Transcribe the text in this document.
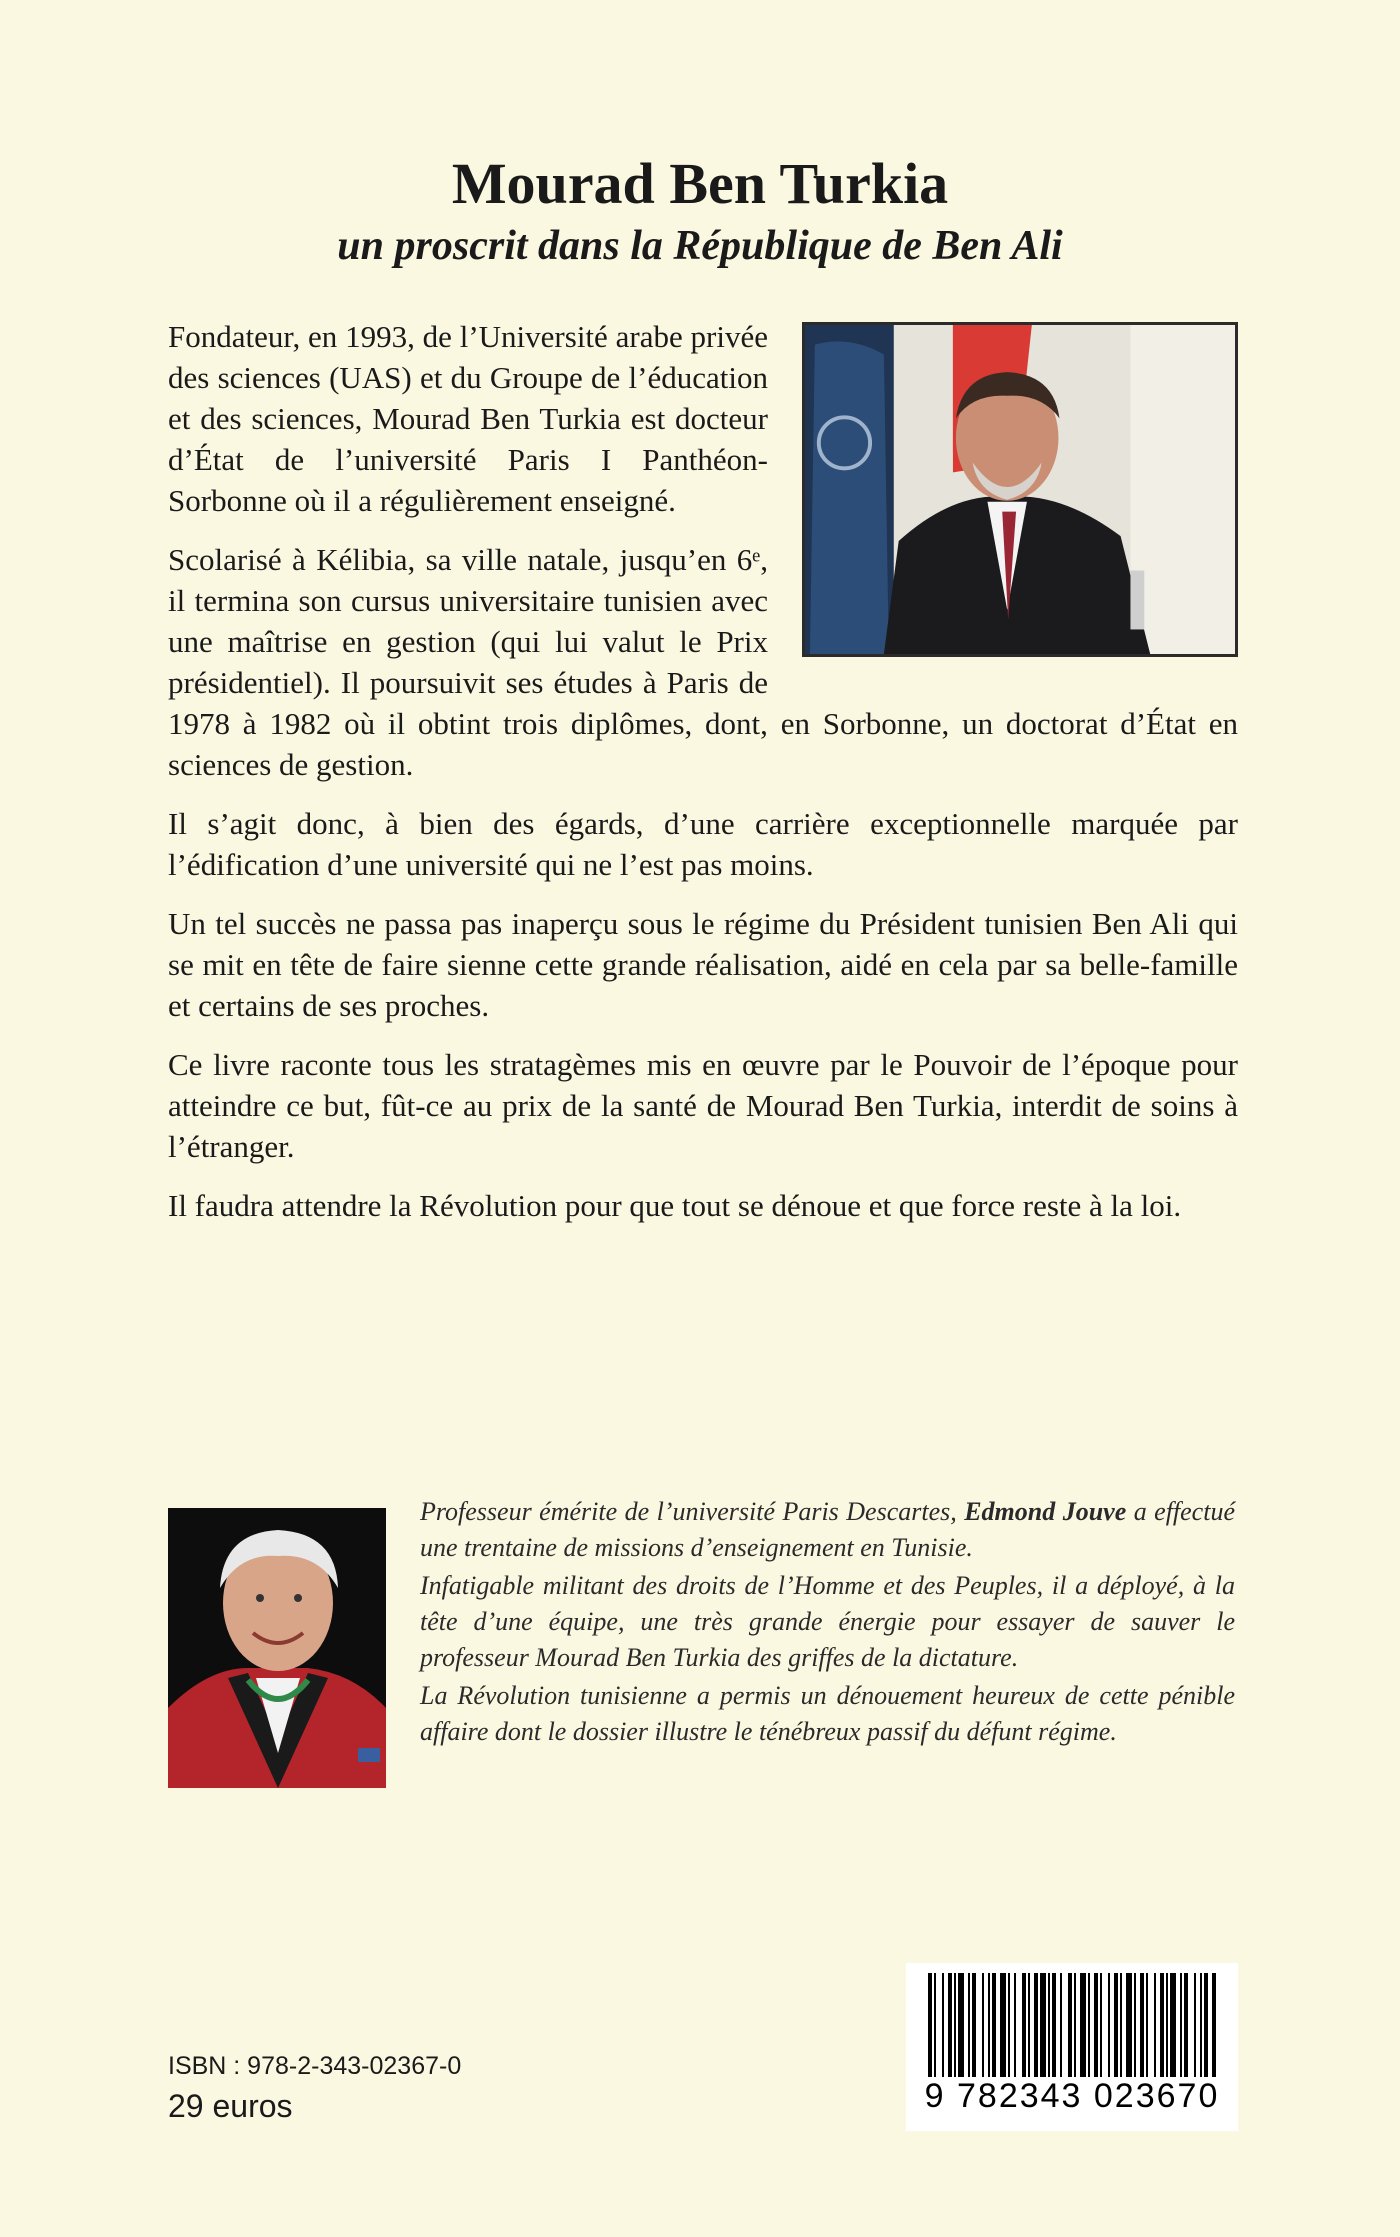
Mourad Ben Turkia
un proscrit dans la République de Ben Ali

Fondateur, en 1993, de l’Université arabe privée des sciences (UAS) et du Groupe de l’éducation et des sciences, Mourad Ben Turkia est docteur d’État de l’université Paris I Panthéon-Sorbonne où il a régulièrement enseigné.

Scolarisé à Kélibia, sa ville natale, jusqu’en 6ᵉ, il termina son cursus universitaire tunisien avec une maîtrise en gestion (qui lui valut le Prix présidentiel). Il poursuivit ses études à Paris de 1978 à 1982 où il obtint trois diplômes, dont, en Sorbonne, un doctorat d’État en sciences de gestion.

Il s’agit donc, à bien des égards, d’une carrière exceptionnelle marquée par l’édification d’une université qui ne l’est pas moins.

Un tel succès ne passa pas inaperçu sous le régime du Président tunisien Ben Ali qui se mit en tête de faire sienne cette grande réalisation, aidé en cela par sa belle-famille et certains de ses proches.

Ce livre raconte tous les stratagèmes mis en œuvre par le Pouvoir de l’époque pour atteindre ce but, fût-ce au prix de la santé de Mourad Ben Turkia, interdit de soins à l’étranger.

Il faudra attendre la Révolution pour que tout se dénoue et que force reste à la loi.

Professeur émérite de l’université Paris Descartes, Edmond Jouve a effectué une trentaine de missions d’enseignement en Tunisie.

Infatigable militant des droits de l’Homme et des Peuples, il a déployé, à la tête d’une équipe, une très grande énergie pour essayer de sauver le professeur Mourad Ben Turkia des griffes de la dictature.

La Révolution tunisienne a permis un dénouement heureux de cette pénible affaire dont le dossier illustre le ténébreux passif du défunt régime.

ISBN : 978-2-343-02367-0
29 euros	9 782343 023670
